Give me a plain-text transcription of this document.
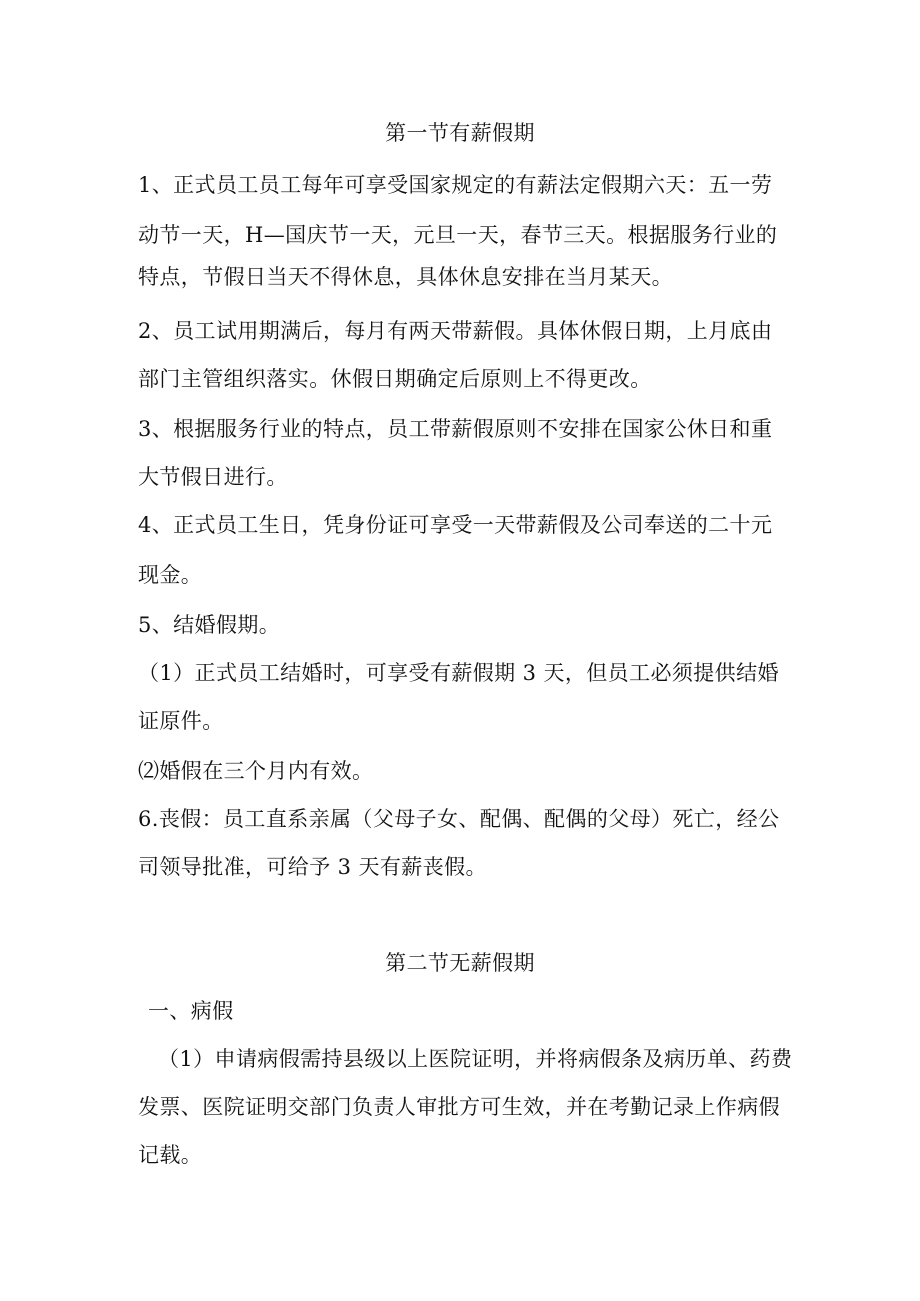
第一节有薪假期
1、正式员工员工每年可享受国家规定的有薪法定假期六天：五一劳
动节一天，H—国庆节一天，元旦一天，春节三天。根据服务行业的
特点，节假日当天不得休息，具体休息安排在当月某天。
2、员工试用期满后，每月有两天带薪假。具体休假日期，上月底由
部门主管组织落实。休假日期确定后原则上不得更改。
3、根据服务行业的特点，员工带薪假原则不安排在国家公休日和重
大节假日进行。
4、正式员工生日，凭身份证可享受一天带薪假及公司奉送的二十元
现金。
5、结婚假期。
（1）正式员工结婚时，可享受有薪假期 3 天，但员工必须提供结婚
证原件。
⑵婚假在三个月内有效。
6.丧假：员工直系亲属（父母子女、配偶、配偶的父母）死亡，经公
司领导批准，可给予 3 天有薪丧假。
第二节无薪假期
一、病假
（1）申请病假需持县级以上医院证明，并将病假条及病历单、药费
发票、医院证明交部门负责人审批方可生效，并在考勤记录上作病假
记载。
